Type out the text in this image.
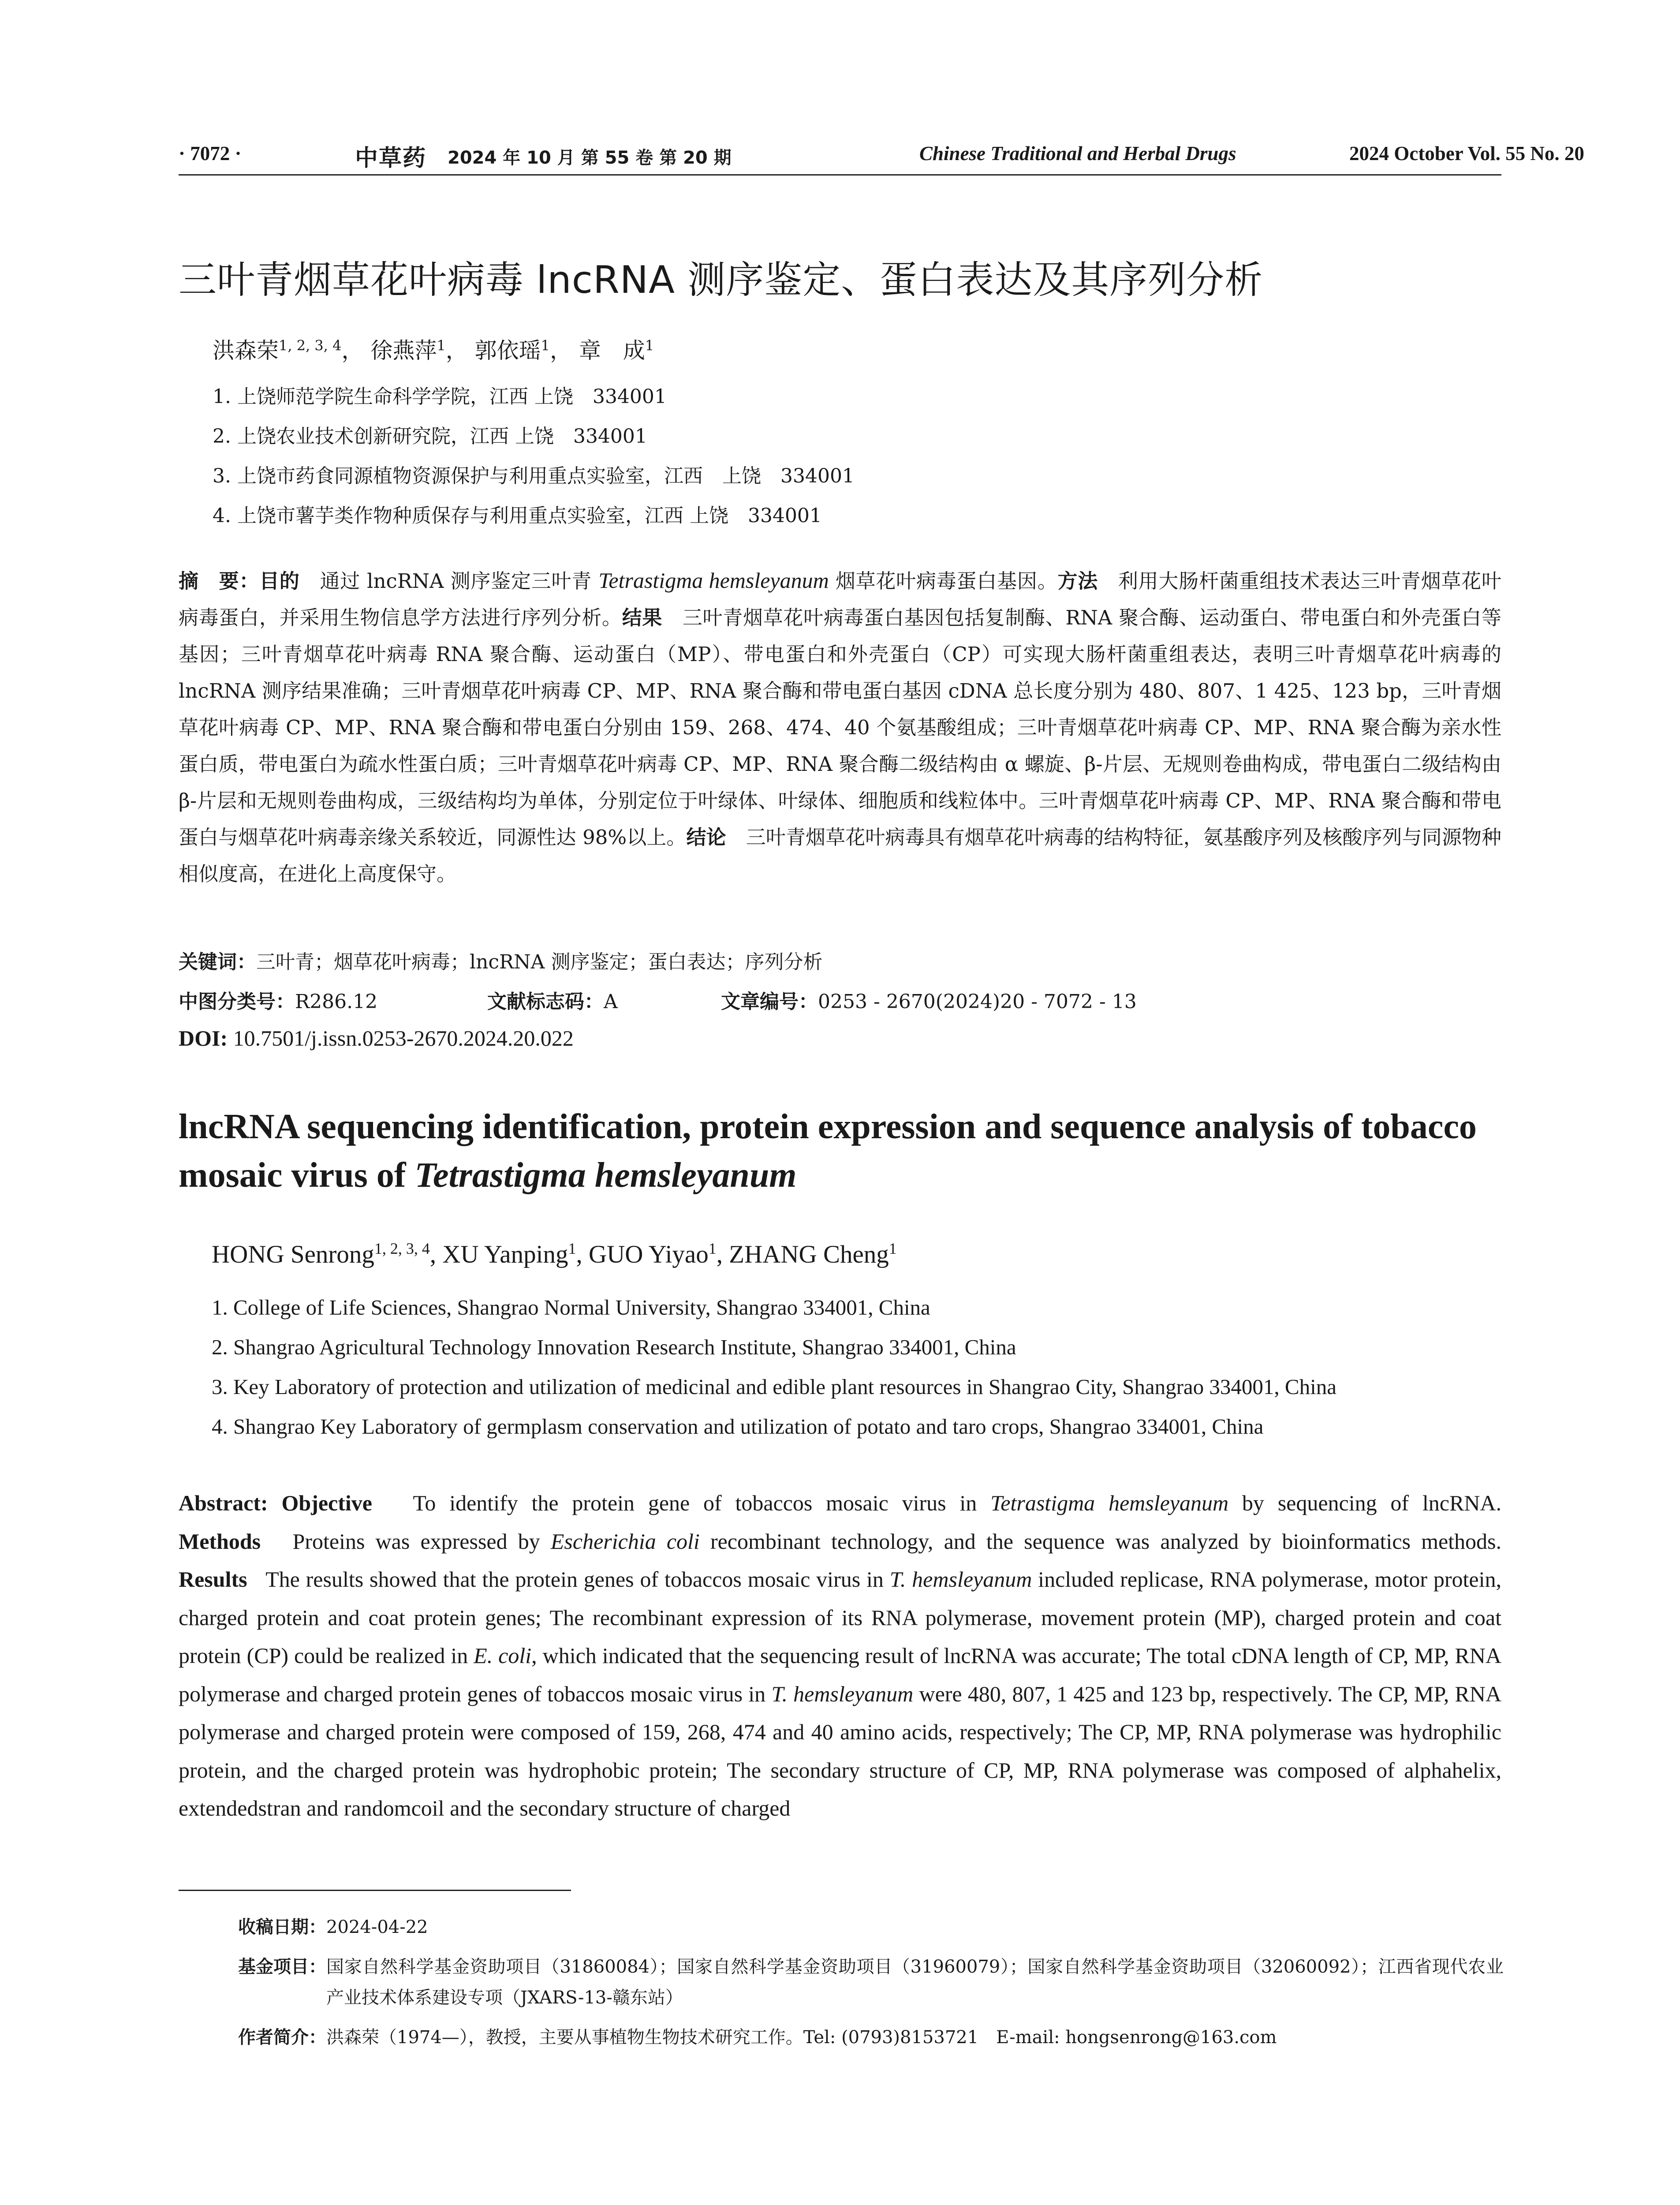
· 7072 ·	中草药 2024 年 10 月 第 55 卷 第 20 期	Chinese Traditional and Herbal Drugs	2024 October Vol. 55 No. 20
三叶青烟草花叶病毒 lncRNA 测序鉴定、蛋白表达及其序列分析
洪森荣$^{1, 2, 3, 4}$， 徐燕萍$^1$， 郭依瑶$^1$， 章　成$^1$
1. 上饶师范学院生命科学学院，江西 上饶　334001
2. 上饶农业技术创新研究院，江西 上饶　334001
3. 上饶市药食同源植物资源保护与利用重点实验室，江西　上饶　334001
4. 上饶市薯芋类作物种质保存与利用重点实验室，江西 上饶　334001
摘　要：目的　 通过 lncRNA 测序鉴定三叶青 Tetrastigma hemsleyanum 烟草花叶病毒蛋白基因。方法　 利用大肠杆菌重组技术表达三叶青烟草花叶病毒蛋白，并采用生物信息学方法进行序列分析。结果　 三叶青烟草花叶病毒蛋白基因包括复制酶、RNA 聚合酶、运动蛋白、带电蛋白和外壳蛋白等基因；三叶青烟草花叶病毒 RNA 聚合酶、运动蛋白（MP）、带电蛋白和外壳蛋白（CP）可实现大肠杆菌重组表达，表明三叶青烟草花叶病毒的 lncRNA 测序结果准确；三叶青烟草花叶病毒 CP、MP、RNA 聚合酶和带电蛋白基因 cDNA 总长度分别为 480、807、1 425、123 bp，三叶青烟草花叶病毒 CP、MP、RNA 聚合酶和带电蛋白分别由 159、268、474、40 个氨基酸组成；三叶青烟草花叶病毒 CP、MP、RNA 聚合酶为亲水性蛋白质，带电蛋白为疏水性蛋白质；三叶青烟草花叶病毒 CP、MP、RNA 聚合酶二级结构由 α 螺旋、β-片层、无规则卷曲构成，带电蛋白二级结构由 β-片层和无规则卷曲构成，三级结构均为单体，分别定位于叶绿体、叶绿体、细胞质和线粒体中。三叶青烟草花叶病毒 CP、MP、RNA 聚合酶和带电蛋白与烟草花叶病毒亲缘关系较近，同源性达 98%以上。结论　 三叶青烟草花叶病毒具有烟草花叶病毒的结构特征，氨基酸序列及核酸序列与同源物种相似度高，在进化上高度保守。
关键词：三叶青；烟草花叶病毒；lncRNA 测序鉴定；蛋白表达；序列分析
中图分类号：R286.12	文献标志码：A	文章编号：0253 - 2670(2024)20 - 7072 - 13
DOI: 10.7501/j.issn.0253-2670.2024.20.022
lncRNA sequencing identification, protein expression and sequence analysis of tobacco mosaic virus of Tetrastigma hemsleyanum
HONG Senrong$^{1, 2, 3, 4}$, XU Yanping$^1$, GUO Yiyao$^1$, ZHANG Cheng$^1$
1. College of Life Sciences, Shangrao Normal University, Shangrao 334001, China
2. Shangrao Agricultural Technology Innovation Research Institute, Shangrao 334001, China
3. Key Laboratory of protection and utilization of medicinal and edible plant resources in Shangrao City, Shangrao 334001, China
4. Shangrao Key Laboratory of germplasm conservation and utilization of potato and taro crops, Shangrao 334001, China
Abstract: Objective To identify the protein gene of tobaccos mosaic virus in Tetrastigma hemsleyanum by sequencing of lncRNA. Methods Proteins was expressed by Escherichia coli recombinant technology, and the sequence was analyzed by bioinformatics methods. Results The results showed that the protein genes of tobaccos mosaic virus in T. hemsleyanum included replicase, RNA polymerase, motor protein, charged protein and coat protein genes; The recombinant expression of its RNA polymerase, movement protein (MP), charged protein and coat protein (CP) could be realized in E. coli, which indicated that the sequencing result of lncRNA was accurate; The total cDNA length of CP, MP, RNA polymerase and charged protein genes of tobaccos mosaic virus in T. hemsleyanum were 480, 807, 1 425 and 123 bp, respectively. The CP, MP, RNA polymerase and charged protein were composed of 159, 268, 474 and 40 amino acids, respectively; The CP, MP, RNA polymerase was hydrophilic protein, and the charged protein was hydrophobic protein; The secondary structure of CP, MP, RNA polymerase was composed of alphahelix, extendedstran and randomcoil and the secondary structure of charged
收稿日期： 2024-04-22
基金项目： 国家自然科学基金资助项目（31860084）；国家自然科学基金资助项目（31960079）；国家自然科学基金资助项目（32060092）；江西省现代农业产业技术体系建设专项（JXARS-13-赣东站）
作者简介： 洪森荣（1974—），教授，主要从事植物生物技术研究工作。Tel: (0793)8153721　E-mail: hongsenrong@163.com
